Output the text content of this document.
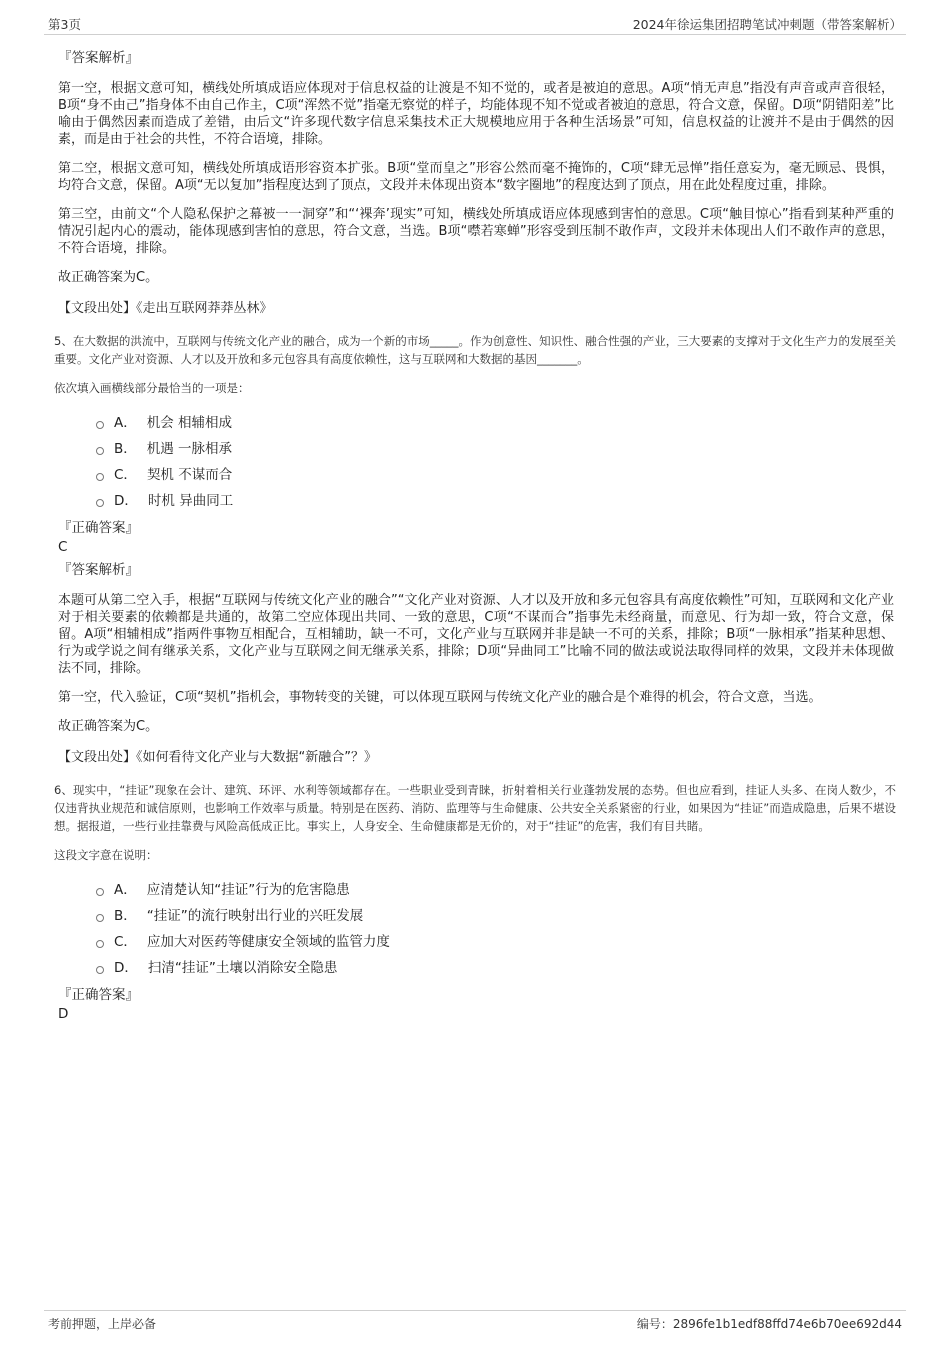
第3页	2024年徐运集团招聘笔试冲刺题（带答案解析）
『答案解析』

第一空，根据文意可知，横线处所填成语应体现对于信息权益的让渡是不知不觉的，或者是被迫的意思。A项“悄无声息”指没有声音或声音很轻，B项“身不由己”指身体不由自己作主，C项“浑然不觉”指毫无察觉的样子，均能体现不知不觉或者被迫的意思，符合文意，保留。D项“阴错阳差”比喻由于偶然因素而造成了差错，由后文“许多现代数字信息采集技术正大规模地应用于各种生活场景”可知，信息权益的让渡并不是由于偶然的因素，而是由于社会的共性，不符合语境，排除。

第二空，根据文意可知，横线处所填成语形容资本扩张。B项“堂而皇之”形容公然而毫不掩饰的，C项“肆无忌惮”指任意妄为，毫无顾忌、畏惧，均符合文意，保留。A项“无以复加”指程度达到了顶点，文段并未体现出资本“数字圈地”的程度达到了顶点，用在此处程度过重，排除。

第三空，由前文“个人隐私保护之幕被一一洞穿”和“‘裸奔’现实”可知，横线处所填成语应体现感到害怕的意思。C项“触目惊心”指看到某种严重的情况引起内心的震动，能体现感到害怕的意思，符合文意，当选。B项“噤若寒蝉”形容受到压制不敢作声，文段并未体现出人们不敢作声的意思，不符合语境，排除。

故正确答案为C。

【文段出处】《走出互联网莽莽丛林》

5、在大数据的洪流中，互联网与传统文化产业的融合，成为一个新的市场_____。作为创意性、知识性、融合性强的产业，三大要素的支撑对于文化生产力的发展至关重要。文化产业对资源、人才以及开放和多元包容具有高度依赖性，这与互联网和大数据的基因_______。

依次填入画横线部分最恰当的一项是：

A． 机会 相辅相成
B． 机遇 一脉相承
C． 契机 不谋而合
D． 时机 异曲同工
『正确答案』
C
『答案解析』

本题可从第二空入手，根据“互联网与传统文化产业的融合”“文化产业对资源、人才以及开放和多元包容具有高度依赖性”可知，互联网和文化产业对于相关要素的依赖都是共通的，故第二空应体现出共同、一致的意思，C项“不谋而合”指事先未经商量，而意见、行为却一致，符合文意，保留。A项“相辅相成”指两件事物互相配合，互相辅助，缺一不可，文化产业与互联网并非是缺一不可的关系，排除；B项“一脉相承”指某种思想、行为或学说之间有继承关系，文化产业与互联网之间无继承关系，排除；D项“异曲同工”比喻不同的做法或说法取得同样的效果，文段并未体现做法不同，排除。

第一空，代入验证，C项“契机”指机会，事物转变的关键，可以体现互联网与传统文化产业的融合是个难得的机会，符合文意，当选。

故正确答案为C。

【文段出处】《如何看待文化产业与大数据“新融合”？》

6、现实中，“挂证”现象在会计、建筑、环评、水利等领域都存在。一些职业受到青睐，折射着相关行业蓬勃发展的态势。但也应看到，挂证人头多、在岗人数少，不仅违背执业规范和诚信原则，也影响工作效率与质量。特别是在医药、消防、监理等与生命健康、公共安全关系紧密的行业，如果因为“挂证”而造成隐患，后果不堪设想。据报道，一些行业挂靠费与风险高低成正比。事实上，人身安全、生命健康都是无价的，对于“挂证”的危害，我们有目共睹。

这段文字意在说明：

A． 应清楚认知“挂证”行为的危害隐患
B． “挂证”的流行映射出行业的兴旺发展
C． 应加大对医药等健康安全领域的监管力度
D． 扫清“挂证”土壤以消除安全隐患
『正确答案』
D
考前押题，上岸必备	编号：2896fe1b1edf88ffd74e6b70ee692d44
